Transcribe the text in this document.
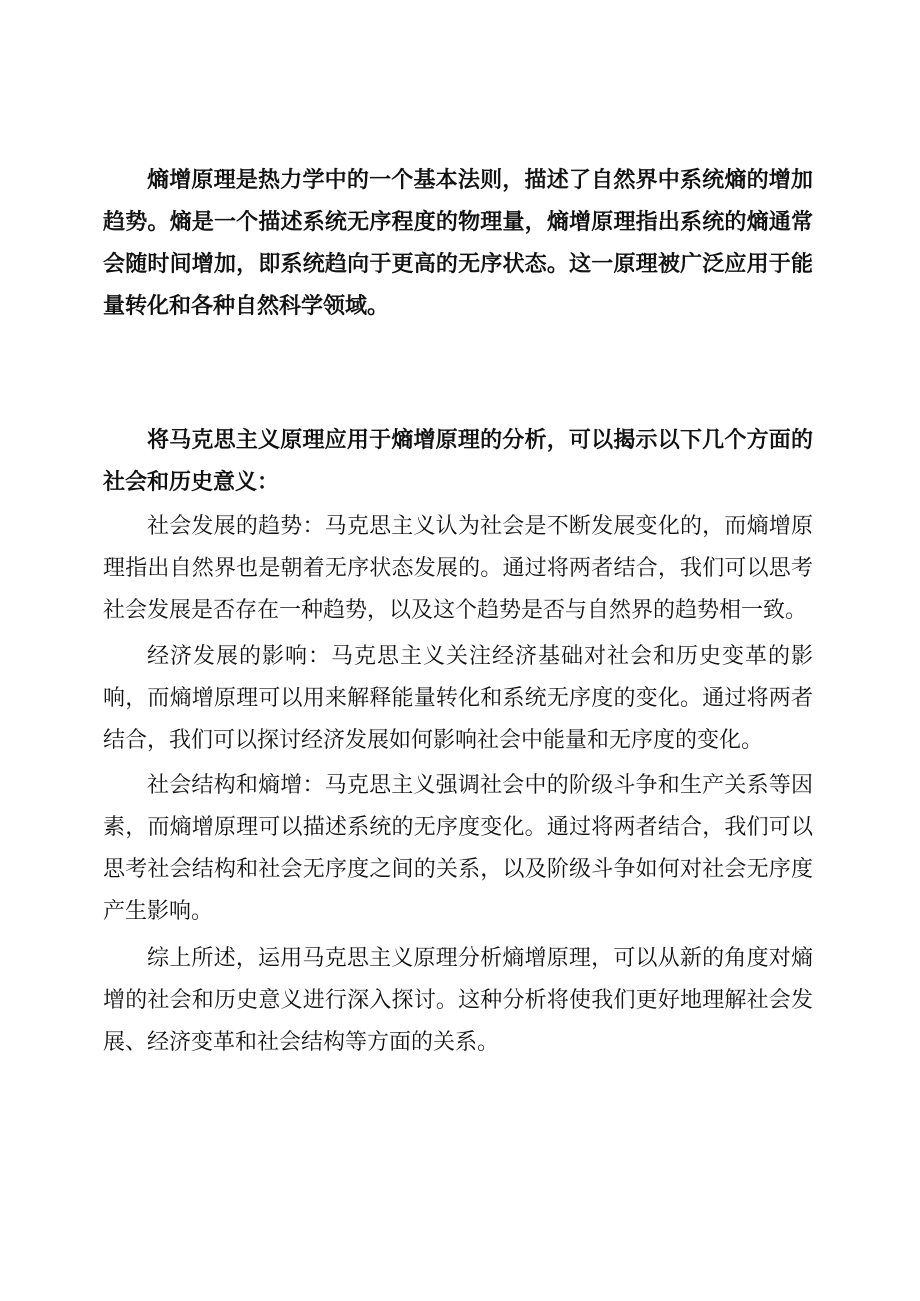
熵增原理是热力学中的一个基本法则，描述了自然界中系统熵的增加趋势。熵是一个描述系统无序程度的物理量，熵增原理指出系统的熵通常会随时间增加，即系统趋向于更高的无序状态。这一原理被广泛应用于能量转化和各种自然科学领域。

将马克思主义原理应用于熵增原理的分析，可以揭示以下几个方面的社会和历史意义：

社会发展的趋势：马克思主义认为社会是不断发展变化的，而熵增原理指出自然界也是朝着无序状态发展的。通过将两者结合，我们可以思考社会发展是否存在一种趋势，以及这个趋势是否与自然界的趋势相一致。

经济发展的影响：马克思主义关注经济基础对社会和历史变革的影响，而熵增原理可以用来解释能量转化和系统无序度的变化。通过将两者结合，我们可以探讨经济发展如何影响社会中能量和无序度的变化。

社会结构和熵增：马克思主义强调社会中的阶级斗争和生产关系等因素，而熵增原理可以描述系统的无序度变化。通过将两者结合，我们可以思考社会结构和社会无序度之间的关系，以及阶级斗争如何对社会无序度产生影响。

综上所述，运用马克思主义原理分析熵增原理，可以从新的角度对熵增的社会和历史意义进行深入探讨。这种分析将使我们更好地理解社会发展、经济变革和社会结构等方面的关系。
